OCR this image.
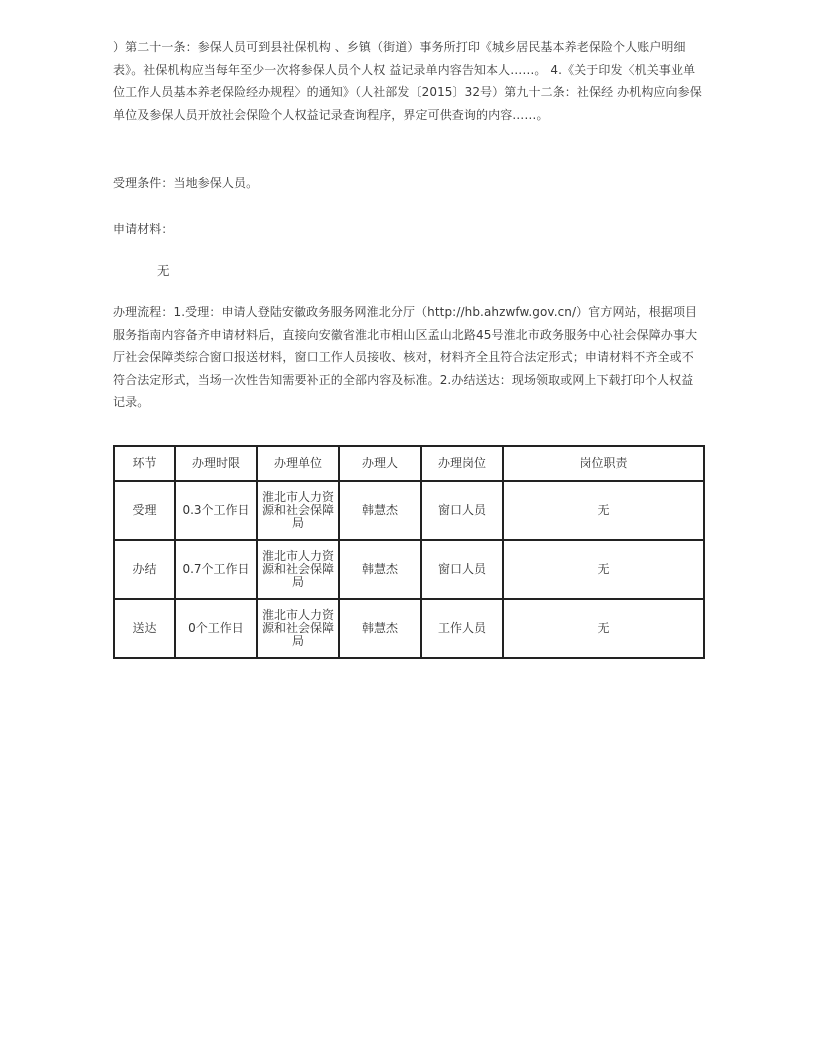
）第二十一条：参保人员可到县社保机构 、乡镇（街道）事务所打印《城乡居民基本养老保险个人账户明细表》。社保机构应当每年至少一次将参保人员个人权 益记录单内容告知本人……。 4.《关于印发〈机关事业单位工作人员基本养老保险经办规程〉的通知》（人社部发〔2015〕32号）第九十二条：社保经 办机构应向参保单位及参保人员开放社会保险个人权益记录查询程序，界定可供查询的内容……。

受理条件：当地参保人员。

申请材料：

无

办理流程：1.受理：申请人登陆安徽政务服务网淮北分厅（http://hb.ahzwfw.gov.cn/）官方网站，根据项目服务指南内容备齐申请材料后，直接向安徽省淮北市相山区孟山北路45号淮北市政务服务中心社会保障办事大厅社会保障类综合窗口报送材料，窗口工作人员接收、核对，材料齐全且符合法定形式；申请材料不齐全或不符合法定形式，当场一次性告知需要补正的全部内容及标准。2.办结送达：现场领取或网上下载打印个人权益记录。

环节	办理时限	办理单位	办理人	办理岗位	岗位职责
受理	0.3个工作日	淮北市人力资源和社会保障局	韩慧杰	窗口人员	无
办结	0.7个工作日	淮北市人力资源和社会保障局	韩慧杰	窗口人员	无
送达	0个工作日	淮北市人力资源和社会保障局	韩慧杰	工作人员	无
